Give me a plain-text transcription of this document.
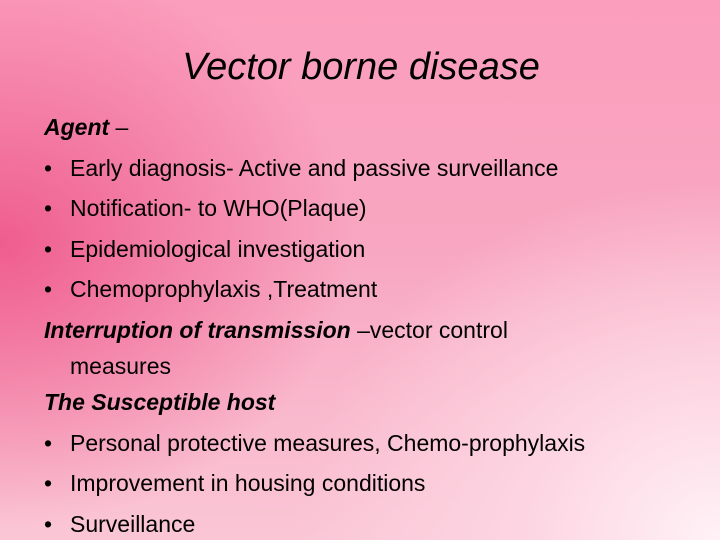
Vector borne disease
Agent –
• Early diagnosis- Active and passive surveillance
• Notification- to WHO(Plaque)
• Epidemiological investigation
• Chemoprophylaxis ,Treatment
Interruption of transmission –vector control
measures
The Susceptible host
• Personal protective measures, Chemo-prophylaxis
• Improvement in housing conditions
• Surveillance
